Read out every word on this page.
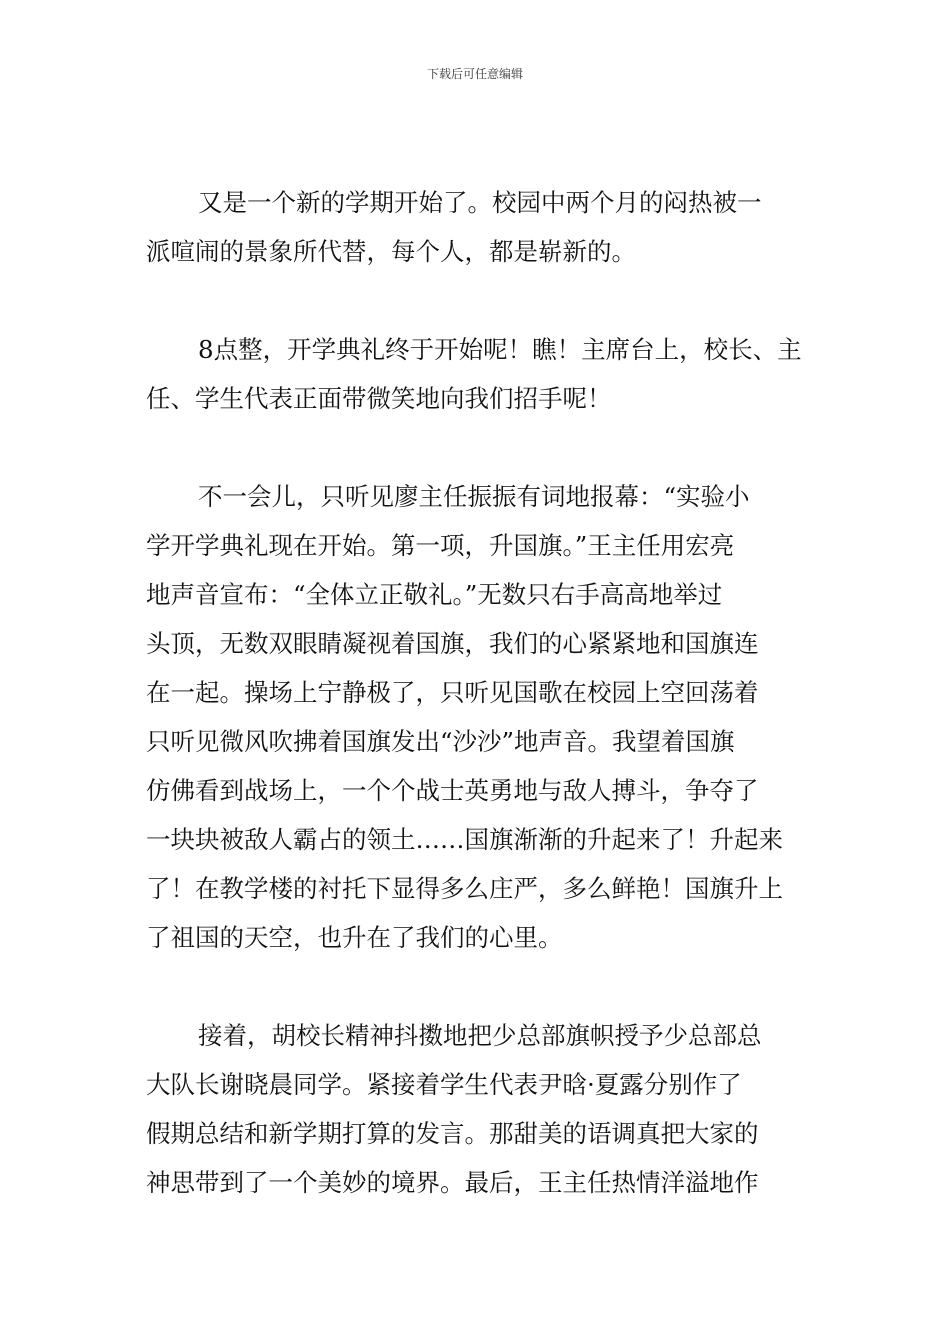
下载后可任意编辑
又是一个新的学期开始了。校园中两个月的闷热被一
派喧闹的景象所代替，每个人，都是崭新的。
8点整，开学典礼终于开始呢！瞧！主席台上，校长、主
任、学生代表正面带微笑地向我们招手呢！
不一会儿，只听见廖主任振振有词地报幕：“实验小
学开学典礼现在开始。第一项，升国旗。”王主任用宏亮
地声音宣布：“全体立正敬礼。”无数只右手高高地举过
头顶，无数双眼睛凝视着国旗，我们的心紧紧地和国旗连
在一起。操场上宁静极了，只听见国歌在校园上空回荡着
只听见微风吹拂着国旗发出“沙沙”地声音。我望着国旗
仿佛看到战场上，一个个战士英勇地与敌人搏斗，争夺了
一块块被敌人霸占的领土……国旗渐渐的升起来了！升起来
了！在教学楼的衬托下显得多么庄严，多么鲜艳！国旗升上
了祖国的天空，也升在了我们的心里。
接着，胡校长精神抖擞地把少总部旗帜授予少总部总
大队长谢晓晨同学。紧接着学生代表尹晗·夏露分别作了
假期总结和新学期打算的发言。那甜美的语调真把大家的
神思带到了一个美妙的境界。最后，王主任热情洋溢地作
